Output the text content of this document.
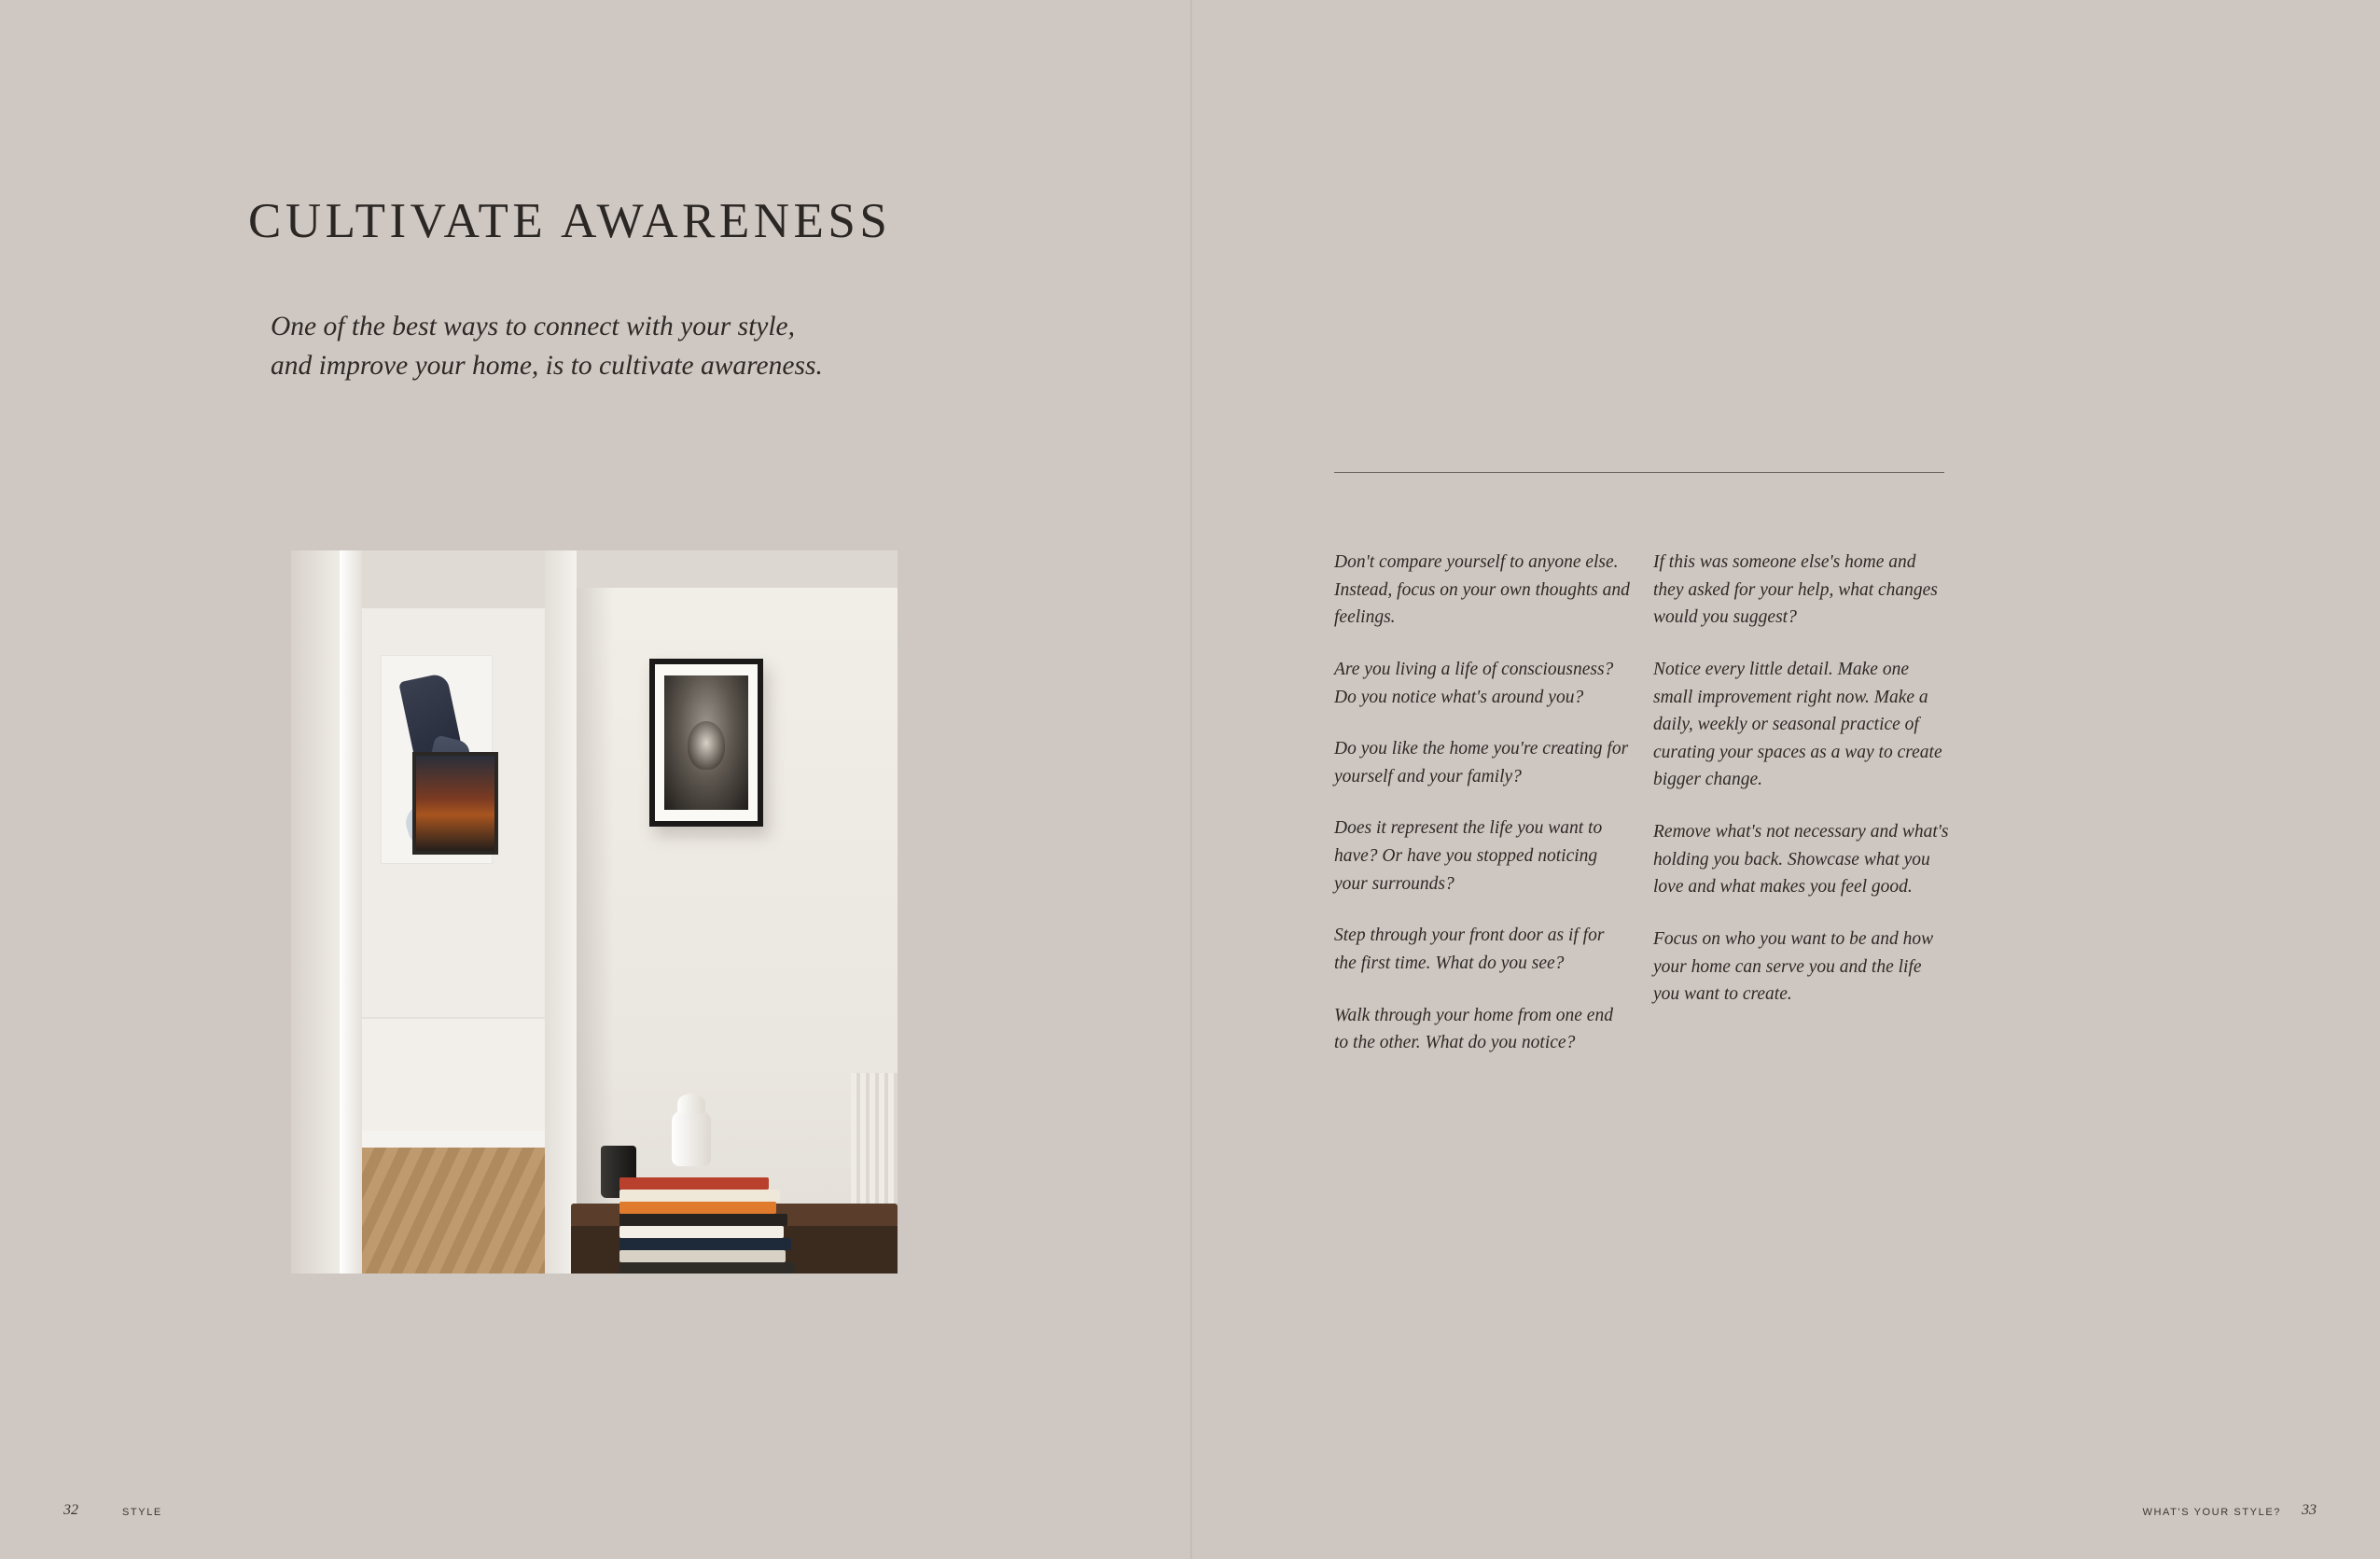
CULTIVATE AWARENESS
One of the best ways to connect with your style,
and improve your home, is to cultivate awareness.
32	STYLE	33
WHAT'S YOUR STYLE?

Don't compare yourself to anyone else. Instead, focus on your own thoughts and feelings.

Are you living a life of consciousness? Do you notice what's around you?

Do you like the home you're creating for yourself and your family?

Does it represent the life you want to have? Or have you stopped noticing your surrounds?

Step through your front door as if for the first time. What do you see?

Walk through your home from one end to the other. What do you notice?

If this was someone else's home and they asked for your help, what changes would you suggest?

Notice every little detail. Make one small improvement right now. Make a daily, weekly or seasonal practice of curating your spaces as a way to create bigger change.

Remove what's not necessary and what's holding you back. Showcase what you love and what makes you feel good.

Focus on who you want to be and how your home can serve you and the life you want to create.
